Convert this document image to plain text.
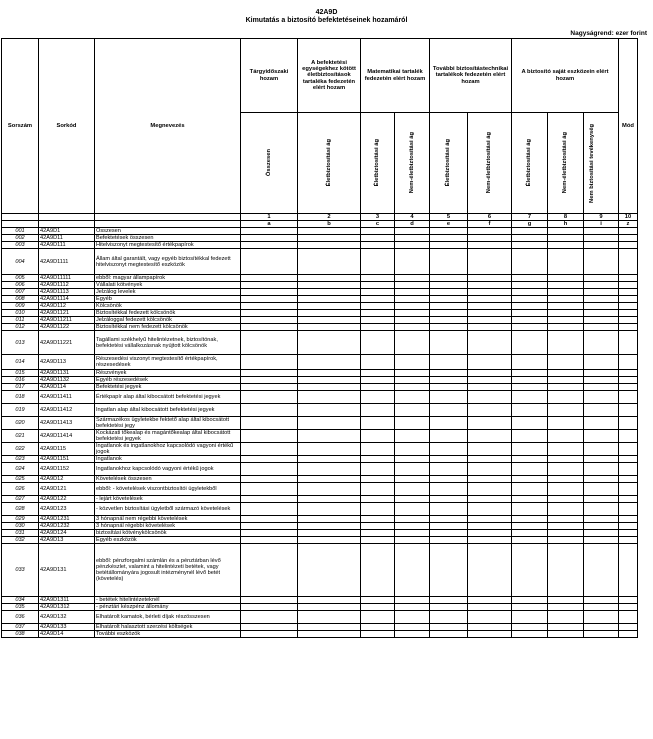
42A9D
Kimutatás a biztosító befektetéseinek hozamáról
Nagyságrend: ezer forint
Sorszám	Sorkód	Megnevezés	Tárgyidőszaki hozam	A befektetési egységekhez kötött életbiztosítások tartaléka fedezetén elért hozam	Matematikai tartalék fedezetén elért hozam		További biztosítástechnikai tartalékok fedezetén elért hozam		A biztosító saját eszközein elért hozam			Mód

			Összesen	Életbiztosítási ág	Életbiztosítási ág	Nem-életbiztosítási ág	Életbiztosítási ág	Nem-életbiztosítási ág	Életbiztosítási ág	Nem-életbiztosítási ág	Nem biztosítási tevékenység	

			1	2	3	4	5	6	7	8	9	10
			a	b	c	d	e	f	g	h	i	z
001	42A9D1	Összesen										
002	42A9D11	Befektetések összesen										
003	42A9D111	Hitelviszonyt megtestesítő értékpapírok										
004	42A9D1111	Állam által garantált, vagy egyéb biztosítékkal fedezett hitelviszonyt megtestesítő eszközök										
005	42A9D11111	ebből: magyar állampapírok										
006	42A9D1112	Vállalati kötvények										
007	42A9D1113	Jelzálog levelek										
008	42A9D1114	Egyéb										
009	42A9D112	Kölcsönök										
010	42A9D1121	Biztosítékkal fedezett kölcsönök										
011	42A9D11211	Jelzáloggal fedezett kölcsönök										
012	42A9D1122	Biztosítékkal nem fedezett kölcsönök										
013	42A9D11221	Tagállami székhelyű hitelintézetnek, biztosítónak, befektetési vállalkozásnak nyújtott kölcsönök										
014	42A9D113	Részesedési viszonyt megtestesítő értékpapírok, részesedések										
015	42A9D1131	Részvények										
016	42A9D1132	Egyéb részesedések										
017	42A9D114	Befektetési jegyek										
018	42A9D11411	Értékpapír alap által kibocsátott befektetési jegyek										
019	42A9D11412	Ingatlan alap által kibocsátott befektetési jegyek										
020	42A9D11413	Származékos ügyletekbe fektető alap által kibocsátott befektetési jegy										
021	42A9D11414	Kockázati tőkealap és magántőkealap által kibocsátott befektetési jegyek										
022	42A9D115	Ingatlanok és ingatlanokhoz kapcsolódó vagyoni értékű jogok										
023	42A9D1151	Ingatlanok										
024	42A9D1152	Ingatlanokhoz kapcsolódó vagyoni értékű jogok										
025	42A9D12	Követelések összesen										
026	42A9D121	ebből: - követelések viszontbiztosítói ügyletekből										
027	42A9D122	- lejárt követelések										
028	42A9D123	- közvetlen biztosítási ügyletből származó követelések										
029	42A9D1231	3 hónapnál nem régebbi követelések										
030	42A9D1232	3 hónapnál régebbi követelések										
031	42A9D124	biztosítási kötvénykölcsönök										
032	42A9D13	Egyéb eszközök										
033	42A9D131	ebből: pénzforgalmi számlán és a pénztárban lévő pénzkészlet, valamint a hitelintézeti betétek, vagy betétállományára jogosult intézménynél lévő betét (követelés)										
034	42A9D1311	- betétek hitelintézeteknél										
035	42A9D1312	- pénztári készpénz állomány										
036	42A9D132	Elhatárolt kamatok, bérleti díjak részösszesen										
037	42A9D133	Elhatárolt halasztott szerzési költségek										
038	42A9D14	További eszközök										
